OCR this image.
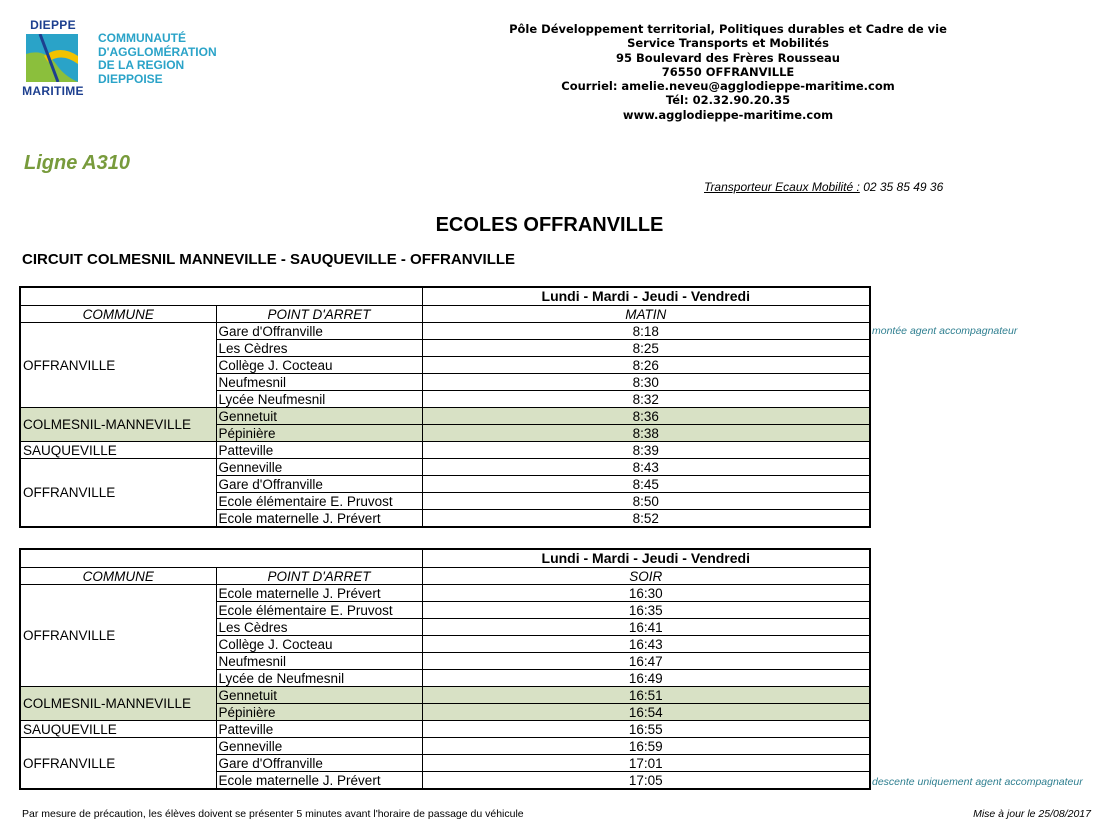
DIEPPE
MARITIME
COMMUNAUTÉ
D'AGGLOMÉRATION
DE LA REGION
DIEPPOISE
Pôle Développement territorial, Politiques durables et Cadre de vie
Service Transports et Mobilités
95 Boulevard des Frères Rousseau
76550 OFFRANVILLE
Courriel: amelie.neveu@agglodieppe-maritime.com
Tél: 02.32.90.20.35
www.agglodieppe-maritime.com
Ligne A310
Transporteur Ecaux Mobilité : 02 35 85 49 36
ECOLES OFFRANVILLE
CIRCUIT COLMESNIL MANNEVILLE - SAUQUEVILLE - OFFRANVILLE
		Lundi - Mardi - Jeudi - Vendredi
COMMUNE	POINT D'ARRET	MATIN
OFFRANVILLE	Gare d'Offranville	8:18
	Les Cèdres	8:25
	Collège J. Cocteau	8:26
	Neufmesnil	8:30
	Lycée Neufmesnil	8:32
COLMESNIL-MANNEVILLE	Gennetuit	8:36
	Pépinière	8:38
SAUQUEVILLE	Patteville	8:39
OFFRANVILLE	Genneville	8:43
	Gare d'Offranville	8:45
	Ecole élémentaire E. Pruvost	8:50
	Ecole maternelle J. Prévert	8:52
		Lundi - Mardi - Jeudi - Vendredi
COMMUNE	POINT D'ARRET	SOIR
OFFRANVILLE	Ecole maternelle J. Prévert	16:30
	Ecole élémentaire E. Pruvost	16:35
	Les Cèdres	16:41
	Collège J. Cocteau	16:43
	Neufmesnil	16:47
	Lycée de Neufmesnil	16:49
COLMESNIL-MANNEVILLE	Gennetuit	16:51
	Pépinière	16:54
SAUQUEVILLE	Patteville	16:55
OFFRANVILLE	Genneville	16:59
	Gare d'Offranville	17:01
	Ecole maternelle J. Prévert	17:05
montée agent accompagnateur
descente uniquement agent accompagnateur
Par mesure de précaution, les élèves doivent se présenter 5 minutes avant l'horaire de passage du véhicule	Mise à jour le 25/08/2017
